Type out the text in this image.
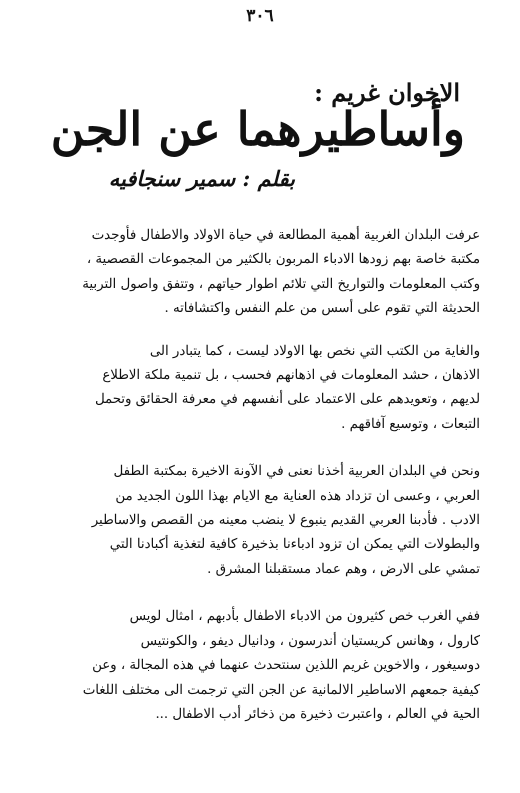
٣٠٦
الاخوان غريم :
وأساطيرهما عن الجن
بقلم : سمير سنجافيه

عرفت البلدان الغربية أهمية المطالعة في حياة الاولاد والاطفال فأوجدت
مكتبة خاصة بهم زودها الادباء المربون بالكثير من المجموعات القصصية ،
وكتب المعلومات والتواريخ التي تلائم اطوار حياتهم ، وتتفق واصول التربية
الحديثة التي تقوم على أسس من علم النفس واكتشافاته .

والغاية من الكتب التي نخص بها الاولاد ليست ، كما يتبادر الى
الاذهان ، حشد المعلومات في اذهانهم فحسب ، بل تنمية ملكة الاطلاع
لديهم ، وتعويدهم على الاعتماد على أنفسهم في معرفة الحقائق وتحمل
التبعات ، وتوسيع آفاقهم .

ونحن في البلدان العربية أخذنا نعنى في الآونة الاخيرة بمكتبة الطفل
العربي ، وعسى ان تزداد هذه العناية مع الايام بهذا اللون الجديد من
الادب . فأدبنا العربي القديم ينبوع لا ينضب معينه من القصص والاساطير
والبطولات التي يمكن ان تزود ادباءنا بذخيرة كافية لتغذية أكبادنا التي
تمشي على الارض ، وهم عماد مستقبلنا المشرق .

ففي الغرب خص كثيرون من الادباء الاطفال بأدبهم ، امثال لويس
كارول ، وهانس كريستيان أندرسون ، ودانيال ديفو ، والكونتيس
دوسيغور ، والاخوين غريم اللذين سنتحدث عنهما في هذه المجالة ، وعن
كيفية جمعهم الاساطير الالمانية عن الجن التي ترجمت الى مختلف اللغات
الحية في العالم ، واعتبرت ذخيرة من ذخائر أدب الاطفال ...
